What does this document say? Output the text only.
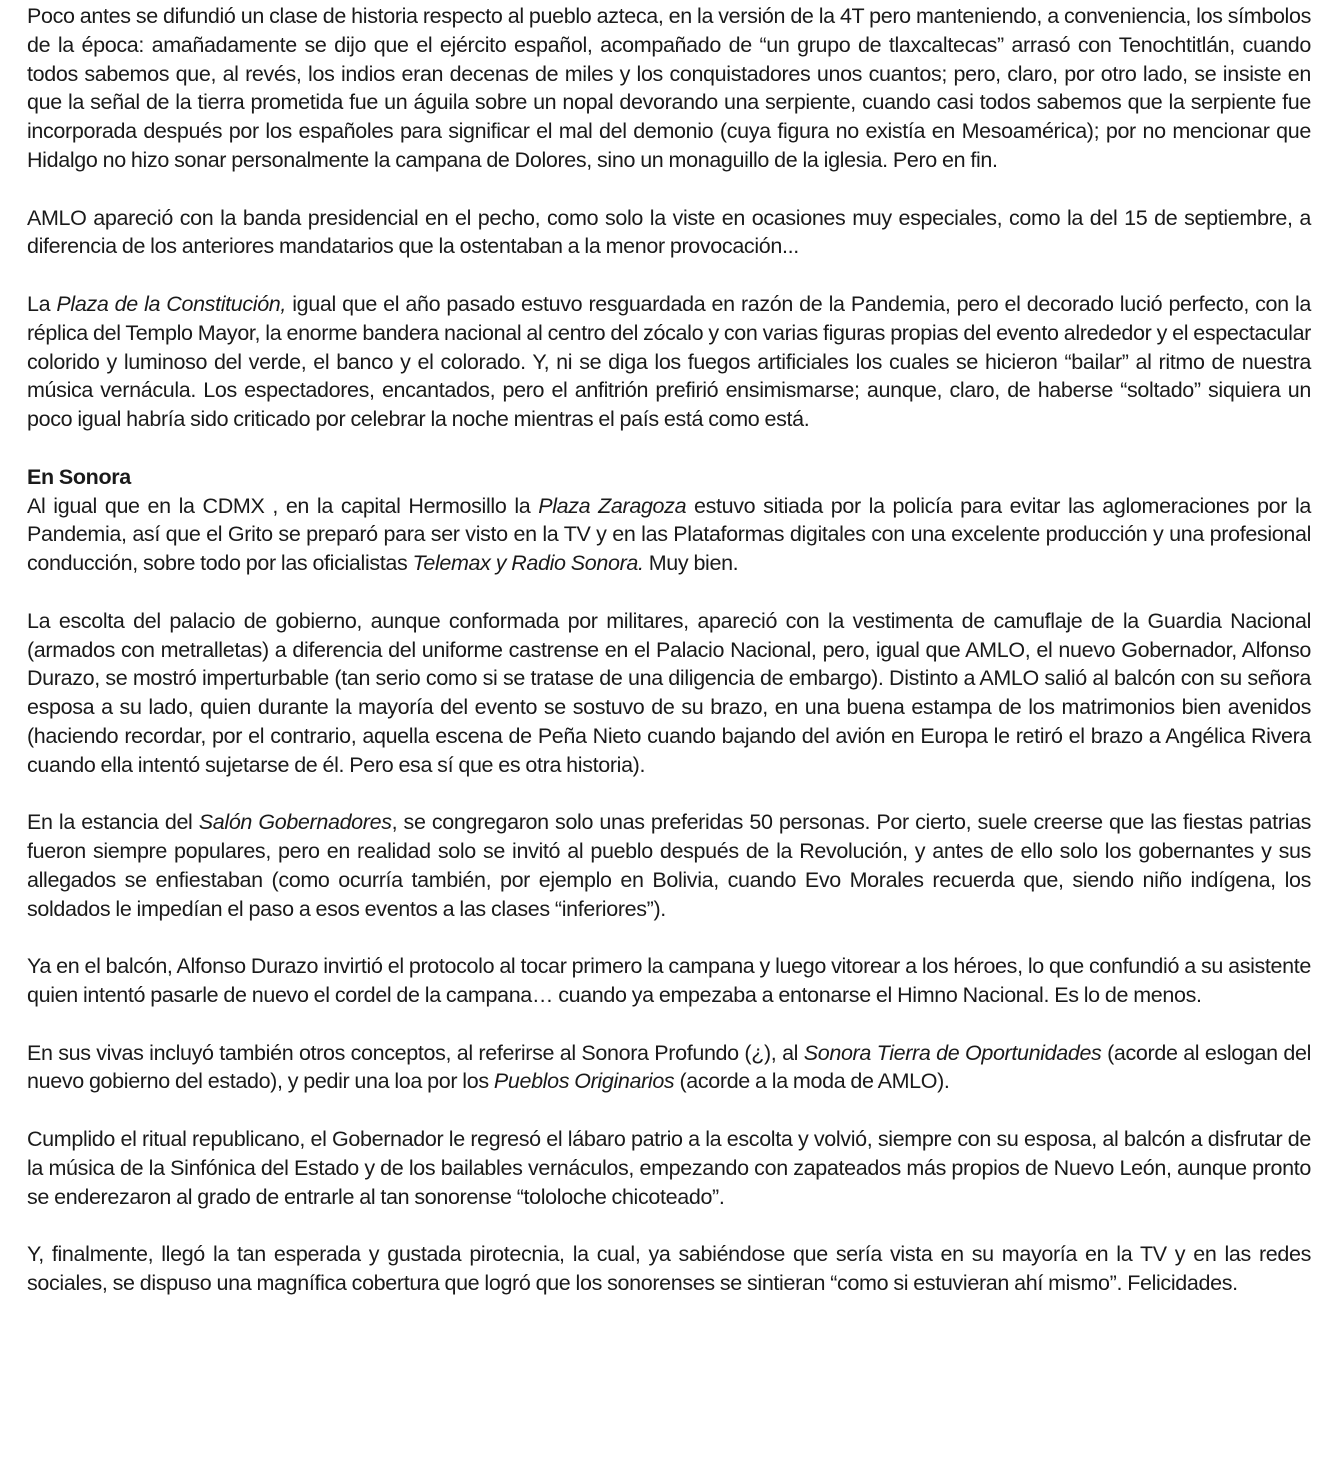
Poco antes se difundió un clase de historia respecto al pueblo azteca, en la versión de la 4T pero manteniendo, a conveniencia, los símbolos de la época: amañadamente se dijo que el ejército español, acompañado de “un grupo de tlaxcaltecas” arrasó con Tenochtitlán, cuando todos sabemos que, al revés, los indios eran decenas de miles y los conquistadores unos cuantos; pero, claro, por otro lado, se insiste en que la señal de la tierra prometida fue un águila sobre un nopal devorando una serpiente, cuando casi todos sabemos que la serpiente fue incorporada después por los españoles para significar el mal del demonio (cuya figura no existía en Mesoamérica); por no mencionar que Hidalgo no hizo sonar personalmente la campana de Dolores, sino un monaguillo de la iglesia. Pero en fin.

AMLO apareció con la banda presidencial en el pecho, como solo la viste en ocasiones muy especiales, como la del 15 de septiembre, a diferencia de los anteriores mandatarios que la ostentaban a la menor provocación...

La Plaza de la Constitución, igual que el año pasado estuvo resguardada en razón de la Pandemia, pero el decorado lució perfecto, con la réplica del Templo Mayor, la enorme bandera nacional al centro del zócalo y con varias figuras propias del evento alrededor y el espectacular colorido y luminoso del verde, el banco y el colorado. Y, ni se diga los fuegos artificiales los cuales se hicieron “bailar” al ritmo de nuestra música vernácula. Los espectadores, encantados, pero el anfitrión prefirió ensimismarse; aunque, claro, de haberse “soltado” siquiera un poco igual habría sido criticado por celebrar la noche mientras el país está como está.

En Sonora

Al igual que en la CDMX , en la capital Hermosillo la Plaza Zaragoza estuvo sitiada por la policía para evitar las aglomeraciones por la Pandemia, así que el Grito se preparó para ser visto en la TV y en las Plataformas digitales con una excelente producción y una profesional conducción, sobre todo por las oficialistas Telemax y Radio Sonora. Muy bien.

La escolta del palacio de gobierno, aunque conformada por militares, apareció con la vestimenta de camuflaje de la Guardia Nacional (armados con metralletas) a diferencia del uniforme castrense en el Palacio Nacional, pero, igual que AMLO, el nuevo Gobernador, Alfonso Durazo, se mostró imperturbable (tan serio como si se tratase de una diligencia de embargo). Distinto a AMLO salió al balcón con su señora esposa a su lado, quien durante la mayoría del evento se sostuvo de su brazo, en una buena estampa de los matrimonios bien avenidos (haciendo recordar, por el contrario, aquella escena de Peña Nieto cuando bajando del avión en Europa le retiró el brazo a Angélica Rivera cuando ella intentó sujetarse de él. Pero esa sí que es otra historia).

En la estancia del Salón Gobernadores, se congregaron solo unas preferidas 50 personas. Por cierto, suele creerse que las fiestas patrias fueron siempre populares, pero en realidad solo se invitó al pueblo después de la Revolución, y antes de ello solo los gobernantes y sus allegados se enfiestaban (como ocurría también, por ejemplo en Bolivia, cuando Evo Morales recuerda que, siendo niño indígena, los soldados le impedían el paso a esos eventos a las clases “inferiores”).

Ya en el balcón, Alfonso Durazo invirtió el protocolo al tocar primero la campana y luego vitorear a los héroes, lo que confundió a su asistente quien intentó pasarle de nuevo el cordel de la campana… cuando ya empezaba a entonarse el Himno Nacional. Es lo de menos.

En sus vivas incluyó también otros conceptos, al referirse al Sonora Profundo (¿), al Sonora Tierra de Oportunidades (acorde al eslogan del nuevo gobierno del estado), y pedir una loa por los Pueblos Originarios (acorde a la moda de AMLO).

Cumplido el ritual republicano, el Gobernador le regresó el lábaro patrio a la escolta y volvió, siempre con su esposa, al balcón a disfrutar de la música de la Sinfónica del Estado y de los bailables vernáculos, empezando con zapateados más propios de Nuevo León, aunque pronto se enderezaron al grado de entrarle al tan sonorense “tololoche chicoteado”.

Y, finalmente, llegó la tan esperada y gustada pirotecnia, la cual, ya sabiéndose que sería vista en su mayoría en la TV y en las redes sociales, se dispuso una magnífica cobertura que logró que los sonorenses se sintieran “como si estuvieran ahí mismo”. Felicidades.
